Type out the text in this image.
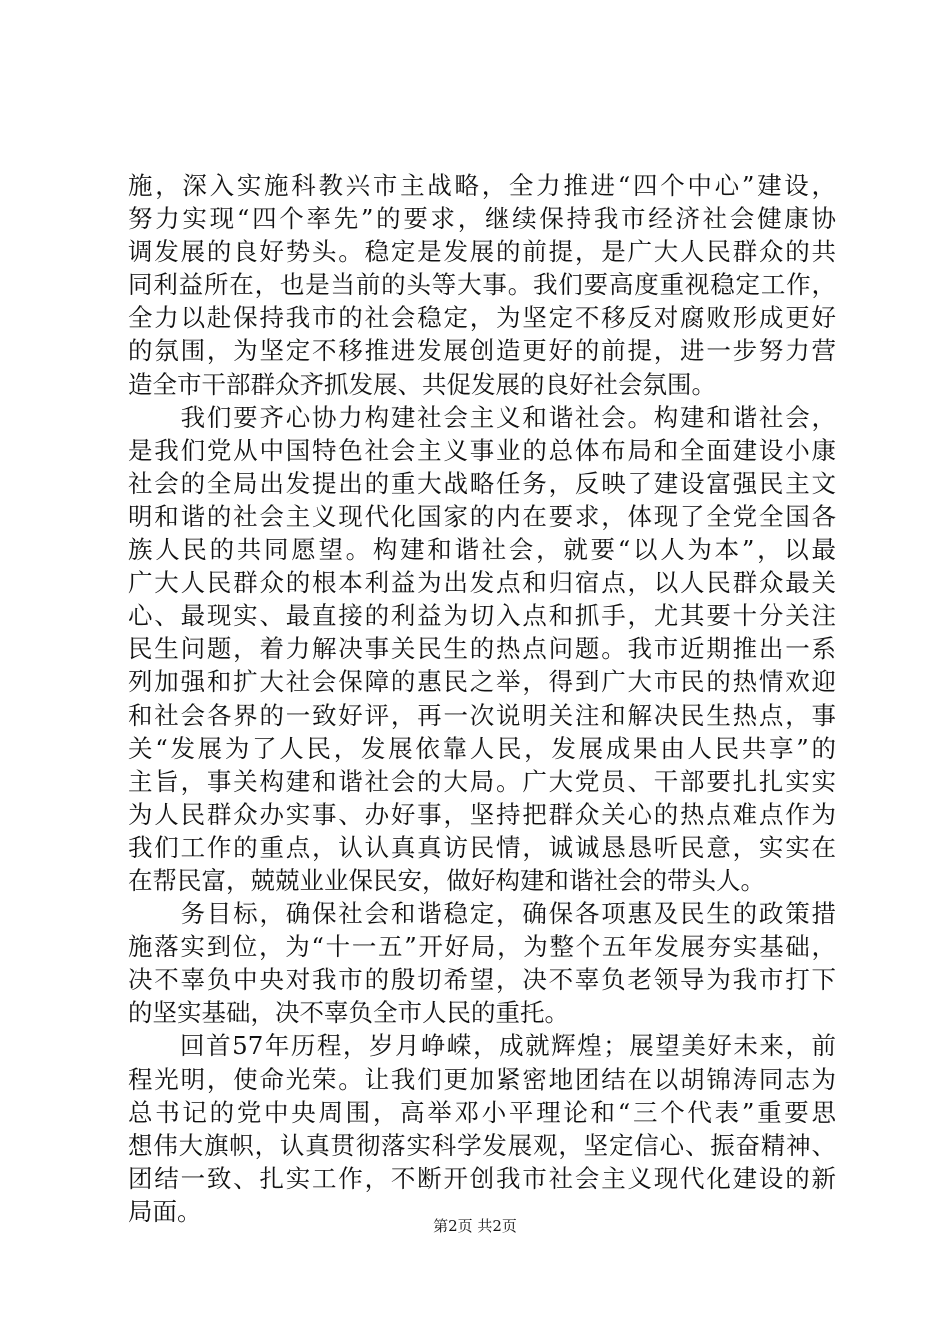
施，深入实施科教兴市主战略，全力推进“四个中心”建设，
努力实现“四个率先”的要求，继续保持我市经济社会健康协
调发展的良好势头。稳定是发展的前提，是广大人民群众的共
同利益所在，也是当前的头等大事。我们要高度重视稳定工作，
全力以赴保持我市的社会稳定，为坚定不移反对腐败形成更好
的氛围，为坚定不移推进发展创造更好的前提，进一步努力营
造全市干部群众齐抓发展、共促发展的良好社会氛围。
　　我们要齐心协力构建社会主义和谐社会。构建和谐社会，
是我们党从中国特色社会主义事业的总体布局和全面建设小康
社会的全局出发提出的重大战略任务，反映了建设富强民主文
明和谐的社会主义现代化国家的内在要求，体现了全党全国各
族人民的共同愿望。构建和谐社会，就要“以人为本”，以最
广大人民群众的根本利益为出发点和归宿点，以人民群众最关
心、最现实、最直接的利益为切入点和抓手，尤其要十分关注
民生问题，着力解决事关民生的热点问题。我市近期推出一系
列加强和扩大社会保障的惠民之举，得到广大市民的热情欢迎
和社会各界的一致好评，再一次说明关注和解决民生热点，事
关“发展为了人民，发展依靠人民，发展成果由人民共享”的
主旨，事关构建和谐社会的大局。广大党员、干部要扎扎实实
为人民群众办实事、办好事，坚持把群众关心的热点难点作为
我们工作的重点，认认真真访民情，诚诚恳恳听民意，实实在
在帮民富，兢兢业业保民安，做好构建和谐社会的带头人。
　　务目标，确保社会和谐稳定，确保各项惠及民生的政策措
施落实到位，为“十一五”开好局，为整个五年发展夯实基础，
决不辜负中央对我市的殷切希望，决不辜负老领导为我市打下
的坚实基础，决不辜负全市人民的重托。
　　回首57年历程，岁月峥嵘，成就辉煌；展望美好未来，前
程光明，使命光荣。让我们更加紧密地团结在以胡锦涛同志为
总书记的党中央周围，高举邓小平理论和“三个代表”重要思
想伟大旗帜，认真贯彻落实科学发展观，坚定信心、振奋精神、
团结一致、扎实工作，不断开创我市社会主义现代化建设的新
局面。
第2页 共2页
